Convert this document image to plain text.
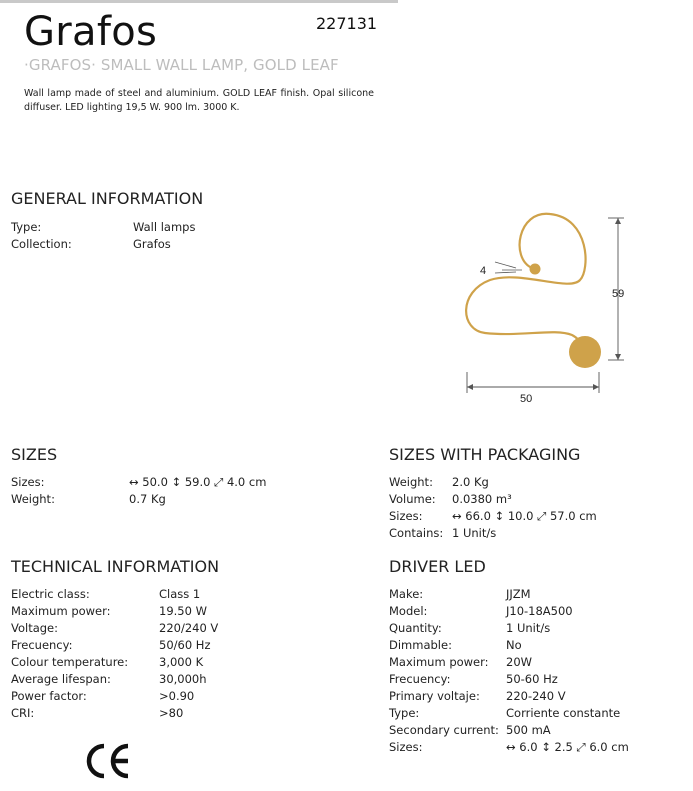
Grafos	227131
·GRAFOS· SMALL WALL LAMP, GOLD LEAF
Wall lamp made of steel and aluminium. GOLD LEAF finish. Opal silicone diffuser. LED lighting 19,5 W. 900 lm. 3000 K.
GENERAL INFORMATION
Type:	Wall lamps
Collection:	Grafos
4
59
50
SIZES
Sizes:	↔ 50.0 ↕ 59.0 ⤢ 4.0 cm
Weight:	0.7 Kg
SIZES WITH PACKAGING
Weight: 2.0 Kg
Volume: 0.0380 m³
Sizes:	↔ 66.0 ↕ 10.0 ⤢ 57.0 cm
Contains: 1 Unit/s
TECHNICAL INFORMATION
Electric class:	Class 1
Maximum power:	19.50 W
Voltage:	220/240 V
Frecuency:	50/60 Hz
Colour temperature:	3,000 K
Average lifespan:	30,000h
Power factor:	>0.90
CRI:	>80
DRIVER LED
Make:	JJZM
Model:	J10-18A500
Quantity:	1 Unit/s
Dimmable:	No
Maximum power: 20W
Frecuency:	50-60 Hz
Primary voltaje: 220-240 V
Type:	Corriente constante
Secondary current: 500 mA
Sizes:	↔ 6.0 ↕ 2.5 ⤢ 6.0 cm
